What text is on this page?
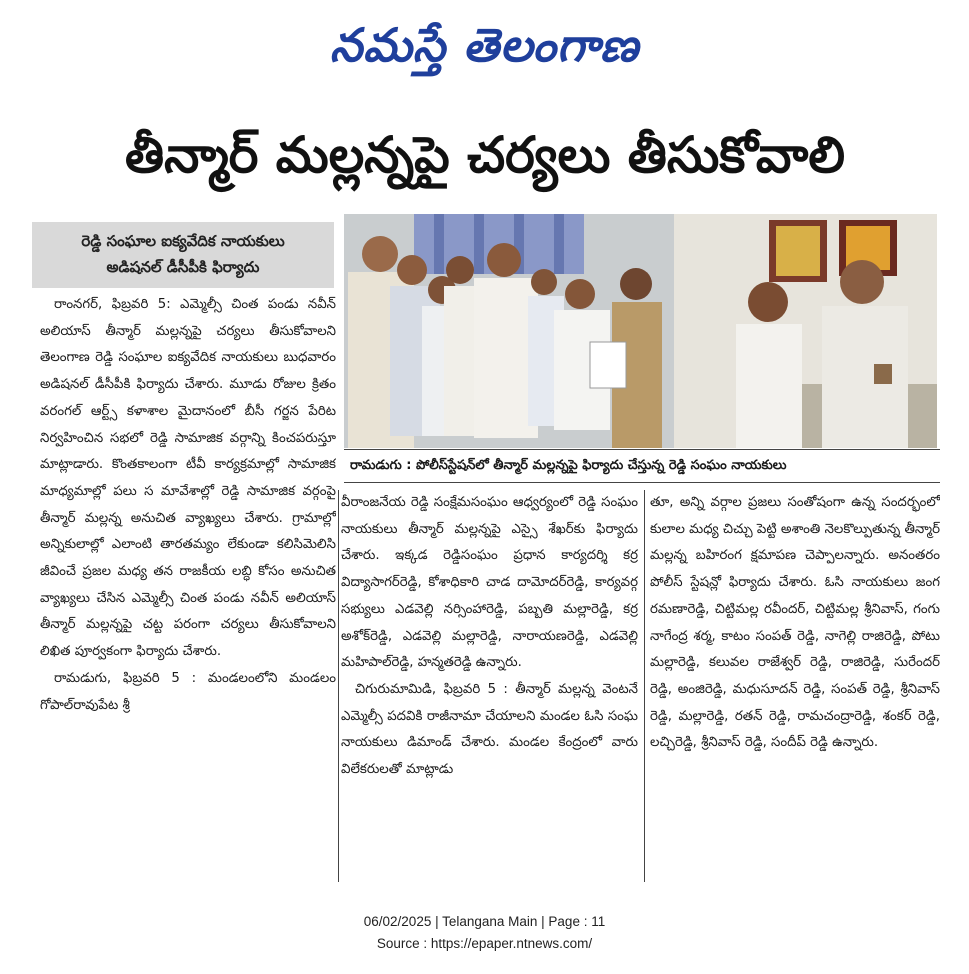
నమస్తే తెలంగాణ
తీన్మార్ మల్లన్నపై చర్యలు తీసుకోవాలి
రెడ్డి సంఘాల ఐక్యవేదిక నాయకులు
అడిషనల్ డీసీపీకి ఫిర్యాదు
రామడుగు : పోలీస్‌స్టేషన్‌లో తీన్మార్ మల్లన్నపై ఫిర్యాదు చేస్తున్న రెడ్డి సంఘం నాయకులు

రాంనగర్, ఫిబ్రవరి 5: ఎమ్మెల్సీ చింత పండు నవీన్ అలియాస్ తీన్మార్ మల్లన్నపై చర్యలు తీసుకోవాలని తెలంగాణ రెడ్డి సంఘాల ఐక్యవేదిక నాయకులు బుధవారం అడిషనల్ డీసీపీకి ఫిర్యాదు చేశారు. మూడు రోజుల క్రితం వరంగల్ ఆర్ట్స్ కళాశాల మైదానంలో బీసీ గర్జన పేరిట నిర్వహించిన సభలో రెడ్డి సామాజిక వర్గాన్ని కించపరుస్తూ మాట్లాడారు. కొంతకాలంగా టీవీ కార్యక్రమాల్లో సామాజిక మాధ్యమాల్లో పలు స మావేశాల్లో రెడ్డి సామాజిక వర్గంపై తీన్మార్ మల్లన్న అనుచిత వ్యాఖ్యలు చేశారు. గ్రామాల్లో అన్నికులాల్లో ఎలాంటి తారతమ్యం లేకుండా కలిసిమెలిసి జీవించే ప్రజల మధ్య తన రాజకీయ లబ్ధి కోసం అనుచిత వ్యాఖ్యలు చేసిన ఎమ్మెల్సీ చింత పండు నవీన్ అలియాస్ తీన్మార్ మల్లన్నపై చట్ట పరంగా చర్యలు తీసుకోవాలని లిఖిత పూర్వకంగా ఫిర్యాదు చేశారు.

రామడుగు, ఫిబ్రవరి 5 : మండలంలోని మండలం గోపాల్‌రావుపేట శ్రీ

వీరాంజనేయ రెడ్డి సంక్షేమసంఘం ఆధ్వర్యంలో రెడ్డి సంఘం నాయకులు తీన్మార్ మల్లన్నపై ఎస్సై శేఖర్‌కు ఫిర్యాదు చేశారు. ఇక్కడ రెడ్డిసంఘం ప్రధాన కార్యదర్శి కర్ర విద్యాసాగర్‌రెడ్డి, కోశాధికారి చాడ దామోదర్‌రెడ్డి, కార్యవర్గ సభ్యులు ఎడవెల్లి నర్సింహారెడ్డి, పబ్బతి మల్లారెడ్డి, కర్ర అశోక్‌రెడ్డి, ఎడవెల్లి మల్లారెడ్డి, నారాయణరెడ్డి, ఎడవెల్లి మహిపాల్‌రెడ్డి, హన్మతరెడ్డి ఉన్నారు.

చిగురుమామిడి, ఫిబ్రవరి 5 : తీన్మార్ మల్లన్న వెంటనే ఎమ్మెల్సీ పదవికి రాజీనామా చేయాలని మండల ఓసి సంఘ నాయకులు డిమాండ్ చేశారు. మండల కేంద్రంలో వారు విలేకరులతో మాట్లాడు

తూ, అన్ని వర్గాల ప్రజలు సంతోషంగా ఉన్న సందర్భంలో కులాల మధ్య చిచ్చు పెట్టి అశాంతి నెలకొల్పుతున్న తీన్మార్ మల్లన్న బహిరంగ క్షమాపణ చెప్పాలన్నారు. అనంతరం పోలీస్ స్టేషన్లో ఫిర్యాదు చేశారు. ఓసి నాయకులు జంగ రమణారెడ్డి, చిట్టిమల్ల రవీందర్, చిట్టిమల్ల శ్రీనివాస్, గంగు నాగేంద్ర శర్మ, కాటం సంపత్ రెడ్డి, నాగెల్లి రాజిరెడ్డి, పోటు మల్లారెడ్డి, కలువల రాజేశ్వర్ రెడ్డి, రాజిరెడ్డి, సురేందర్ రెడ్డి, అంజిరెడ్డి, మధుసూదన్ రెడ్డి, సంపత్ రెడ్డి, శ్రీనివాస్ రెడ్డి, మల్లారెడ్డి, రతన్ రెడ్డి, రామచంద్రారెడ్డి, శంకర్ రెడ్డి, లచ్చిరెడ్డి, శ్రీనివాస్ రెడ్డి, సందీప్ రెడ్డి ఉన్నారు.

06/02/2025 | Telangana Main | Page : 11
Source : https://epaper.ntnews.com/
